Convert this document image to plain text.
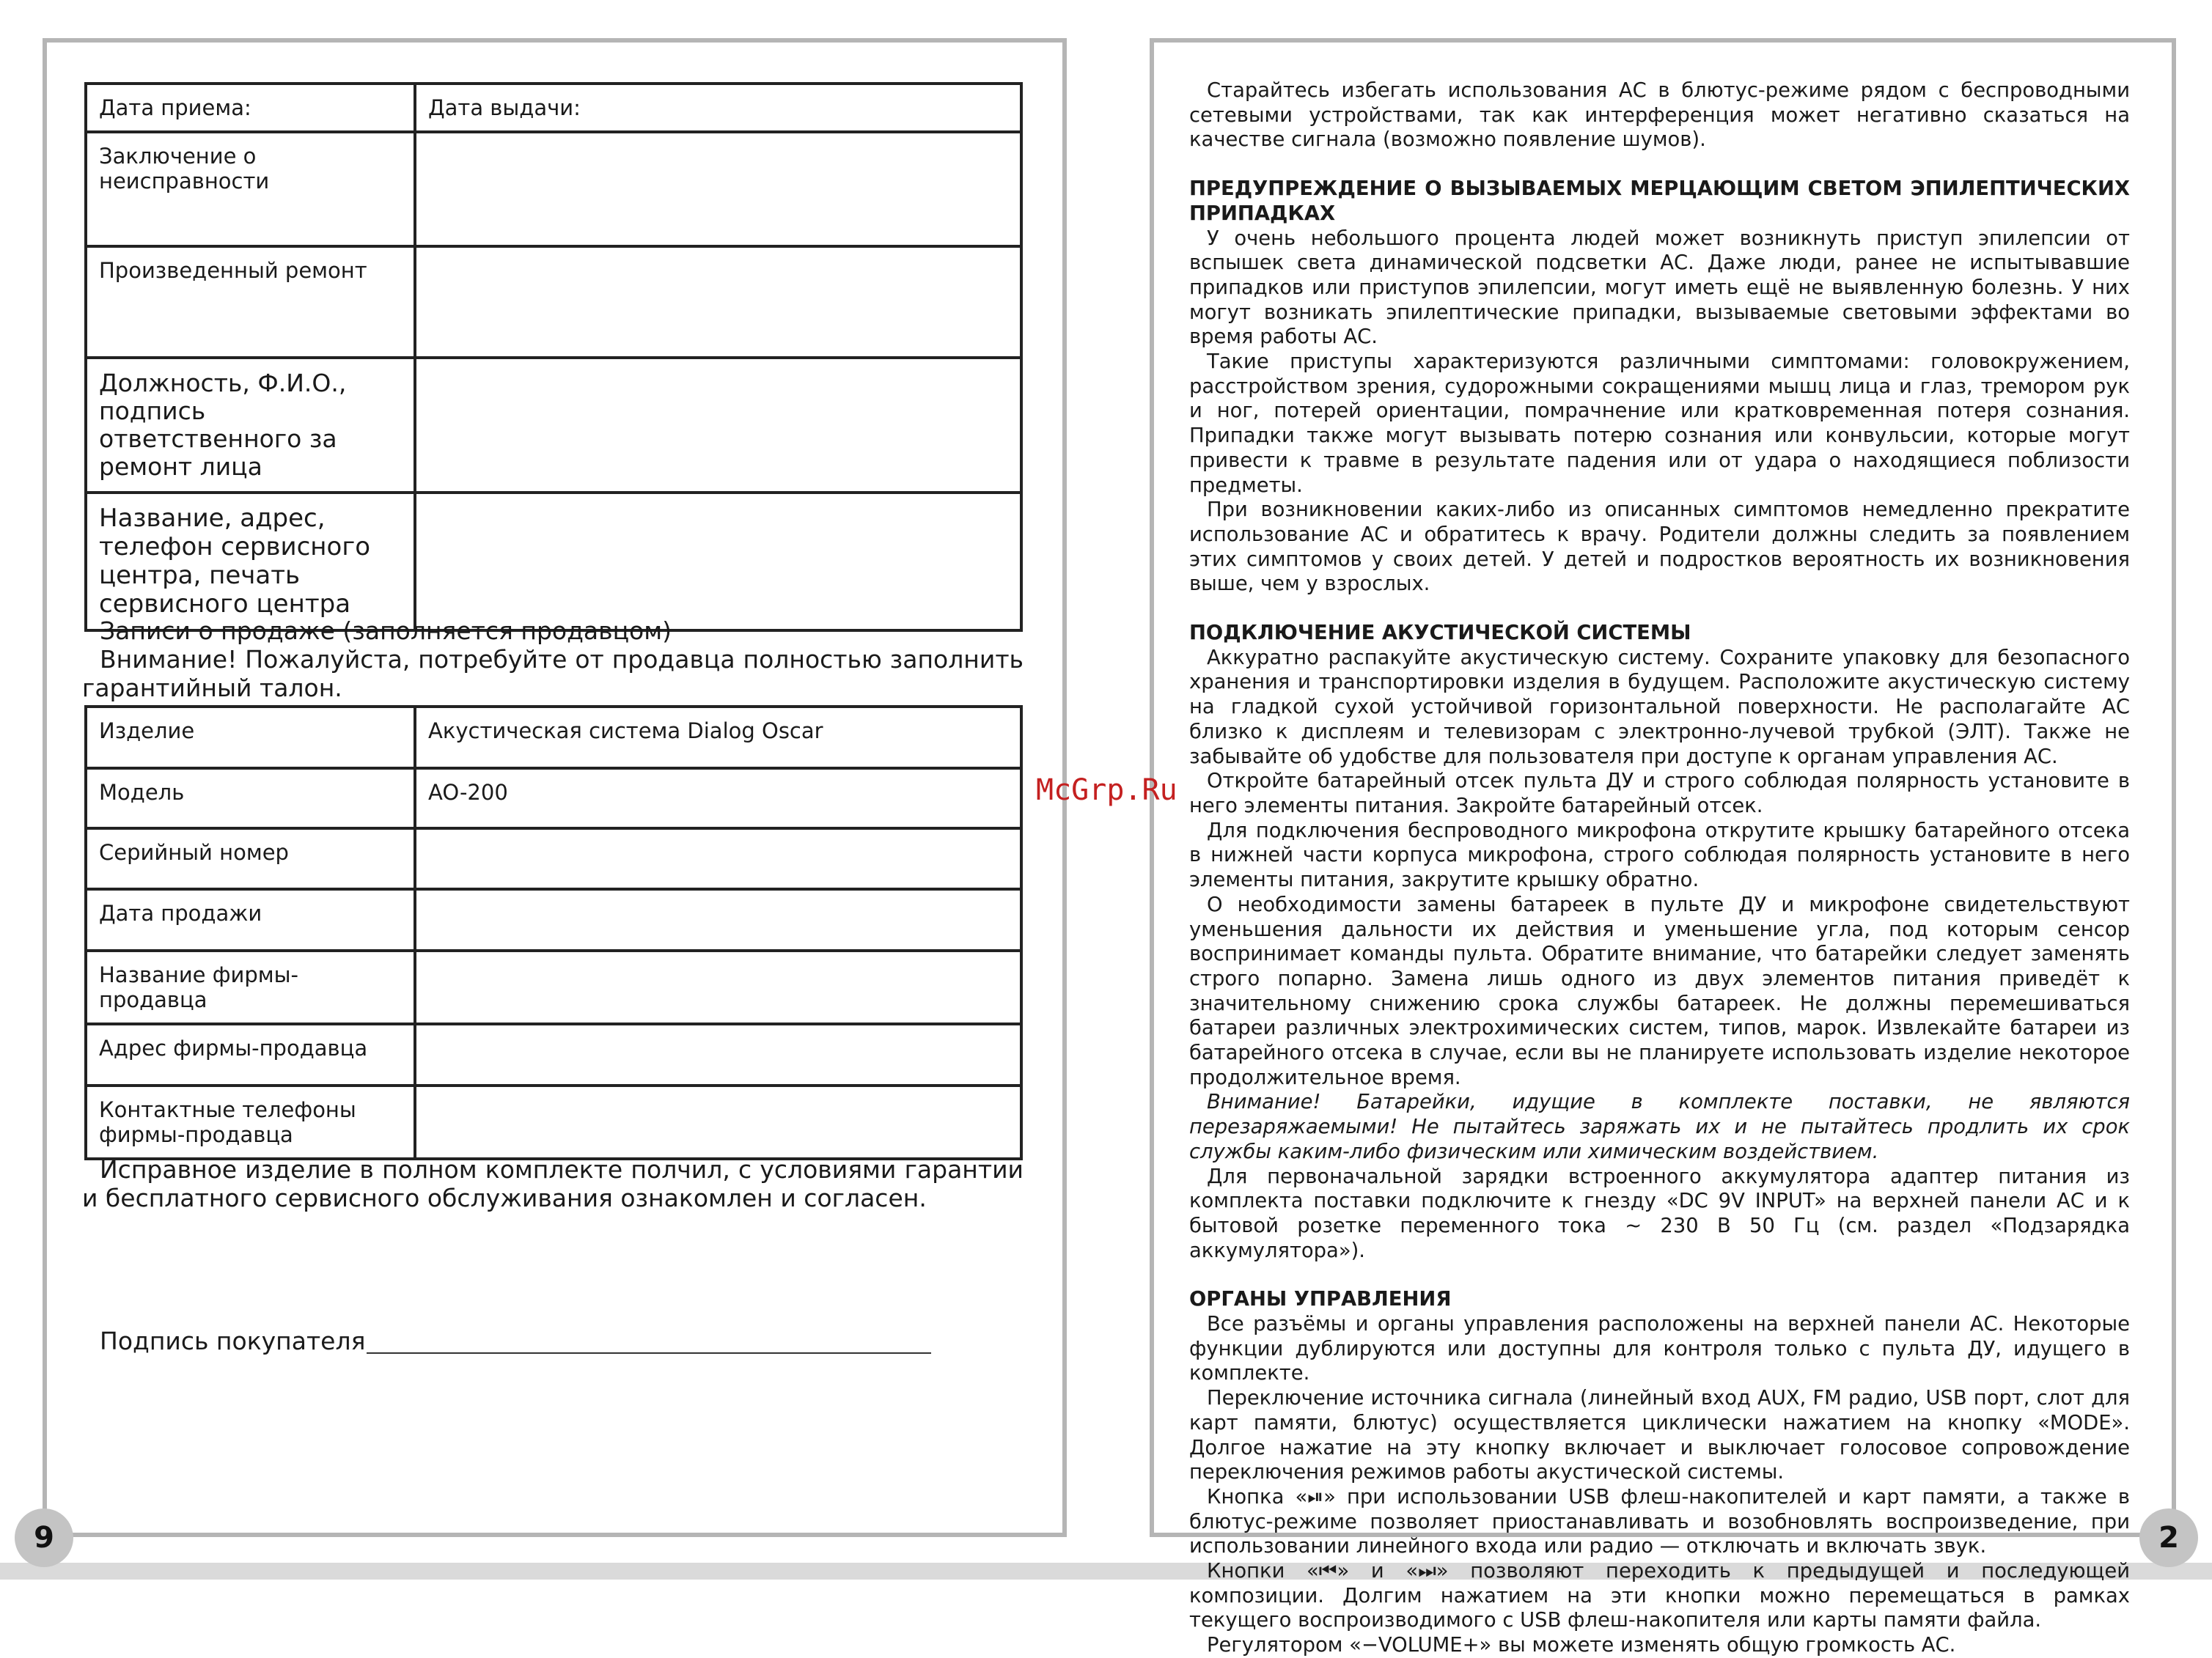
Дата приема:	Дата выдачи:
Заключение о неисправности	
Произведенный ремонт	
Должность, Ф.И.О., подпись ответственного за ремонт лица	
Название, адрес, телефон сервисного центра, печать сервисного центра	
Записи о продаже (заполняется продавцом)
Внимание! Пожалуйста, потребуйте от продавца полностью заполнить гарантийный талон.
Изделие	Акустическая система Dialog Oscar
Модель	AO-200
Серийный номер	
Дата продажи	
Название фирмы-продавца	
Адрес фирмы-продавца	
Контактные телефоны фирмы-продавца	
Исправное изделие в полном комплекте полчил, с условиями гарантии и бесплатного сервисного обслуживания ознакомлен и согласен.
Подпись покупателя
McGrp.Ru

Старайтесь избегать использования АС в блютус-режиме рядом с беспроводными сетевыми устройствами, так как интерференция может негативно сказаться на качестве сигнала (возможно появление шумов).

ПРЕДУПРЕЖДЕНИЕ О ВЫЗЫВАЕМЫХ МЕРЦАЮЩИМ СВЕТОМ ЭПИЛЕПТИЧЕСКИХ ПРИПАДКАХ

У очень небольшого процента людей может возникнуть приступ эпилепсии от вспышек света динамической подсветки АС. Даже люди, ранее не испытывавшие припадков или приступов эпилепсии, могут иметь ещё не выявленную болезнь. У них могут возникать эпилептические припадки, вызываемые световыми эффектами во время работы АС.

Такие приступы характеризуются различными симптомами: головокружением, расстройством зрения, судорожными сокращениями мышц лица и глаз, тремором рук и ног, потерей ориентации, помрачнение или кратковременная потеря сознания. Припадки также могут вызывать потерю сознания или конвульсии, которые могут привести к травме в результате падения или от удара о находящиеся поблизости предметы.

При возникновении каких-либо из описанных симптомов немедленно прекратите использование АС и обратитесь к врачу. Родители должны следить за появлением этих симптомов у своих детей. У детей и подростков вероятность их возникновения выше, чем у взрослых.

ПОДКЛЮЧЕНИЕ АКУСТИЧЕСКОЙ СИСТЕМЫ

Аккуратно распакуйте акустическую систему. Сохраните упаковку для безопасного хранения и транспортировки изделия в будущем. Расположите акустическую систему на гладкой сухой устойчивой горизонтальной поверхности. Не располагайте АС близко к дисплеям и телевизорам с электронно-лучевой трубкой (ЭЛТ). Также не забывайте об удобстве для пользователя при доступе к органам управления АС.

Откройте батарейный отсек пульта ДУ и строго соблюдая полярность установите в него элементы питания. Закройте батарейный отсек.

Для подключения беспроводного микрофона открутите крышку батарейного отсека в нижней части корпуса микрофона, строго соблюдая полярность установите в него элементы питания, закрутите крышку обратно.

О необходимости замены батареек в пульте ДУ и микрофоне свидетельствуют уменьшения дальности их действия и уменьшение угла, под которым сенсор воспринимает команды пульта. Обратите внимание, что батарейки следует заменять строго попарно. Замена лишь одного из двух элементов питания приведёт к значительному снижению срока службы батареек. Не должны перемешиваться батареи различных электрохимических систем, типов, марок. Извлекайте батареи из батарейного отсека в случае, если вы не планируете использовать изделие некоторое продолжительное время.

Внимание! Батарейки, идущие в комплекте поставки, не являются перезаряжаемыми! Не пытайтесь заряжать их и не пытайтесь продлить их срок службы каким-либо физическим или химическим воздействием.

Для первоначальной зарядки встроенного аккумулятора адаптер питания из комплекта поставки подключите к гнезду «DC 9V INPUT» на верхней панели АС и к бытовой розетке переменного тока ~ 230 В 50 Гц (см. раздел «Подзарядка аккумулятора»).

ОРГАНЫ УПРАВЛЕНИЯ

Все разъёмы и органы управления расположены на верхней панели АС. Некоторые функции дублируются или доступны для контроля только с пульта ДУ, идущего в комплекте.

Переключение источника сигнала (линейный вход AUX, FM радио, USB порт, слот для карт памяти, блютус) осуществляется циклически нажатием на кнопку «MODE». Долгое нажатие на эту кнопку включает и выключает голосовое сопровождение переключения режимов работы акустической системы.

Кнопка «⏯» при использовании USB флеш-накопителей и карт памяти, а также в блютус-режиме позволяет приостанавливать и возобновлять воспроизведение, при использовании линейного входа или радио — отключать и включать звук.

Кнопки «⏮» и «⏭» позволяют переходить к предыдущей и последующей композиции. Долгим нажатием на эти кнопки можно перемещаться в рамках текущего воспроизводимого с USB флеш-накопителя или карты памяти файла.

Регулятором «−VOLUME+» вы можете изменять общую громкость АС.

9	2
